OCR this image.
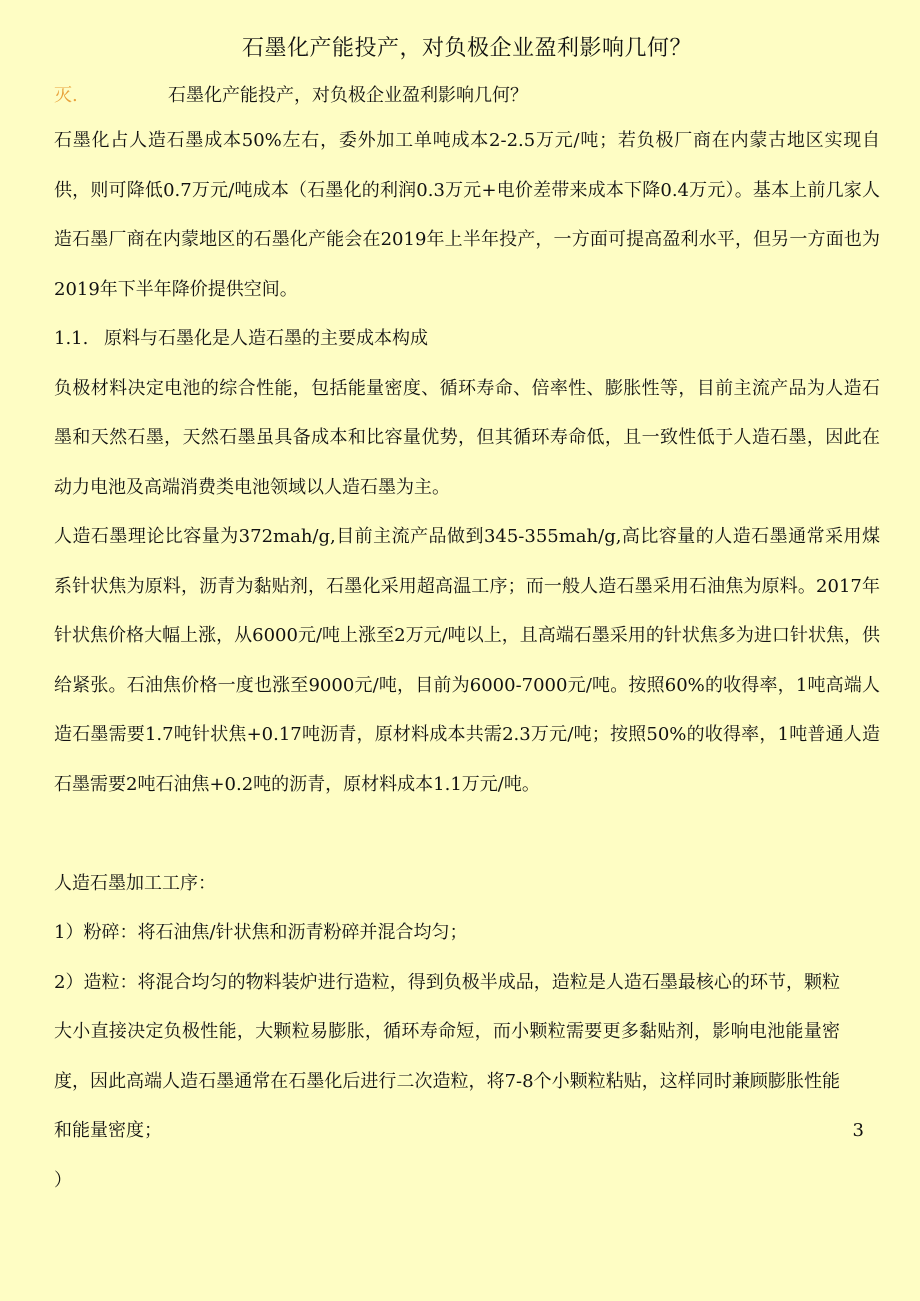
石墨化产能投产，对负极企业盈利影响几何？
灭.	石墨化产能投产，对负极企业盈利影响几何？

石墨化占人造石墨成本50%左右，委外加工单吨成本2-2.5万元/吨；若负极厂商在内蒙古地区实现自供，则可降低0.7万元/吨成本（石墨化的利润0.3万元+电价差带来成本下降0.4万元）。基本上前几家人造石墨厂商在内蒙地区的石墨化产能会在2019年上半年投产，一方面可提高盈利水平，但另一方面也为2019年下半年降价提供空间。

1.1. 原料与石墨化是人造石墨的主要成本构成

负极材料决定电池的综合性能，包括能量密度、循环寿命、倍率性、膨胀性等，目前主流产品为人造石墨和天然石墨，天然石墨虽具备成本和比容量优势，但其循环寿命低，且一致性低于人造石墨，因此在动力电池及高端消费类电池领域以人造石墨为主。

人造石墨理论比容量为372mah/g,目前主流产品做到345-355mah/g,高比容量的人造石墨通常采用煤系针状焦为原料，沥青为黏贴剂，石墨化采用超高温工序；而一般人造石墨采用石油焦为原料。2017年针状焦价格大幅上涨，从6000元/吨上涨至2万元/吨以上，且高端石墨采用的针状焦多为进口针状焦，供给紧张。石油焦价格一度也涨至9000元/吨，目前为6000-7000元/吨。按照60%的收得率，1吨高端人造石墨需要1.7吨针状焦+0.17吨沥青，原材料成本共需2.3万元/吨；按照50%的收得率，1吨普通人造石墨需要2吨石油焦+0.2吨的沥青，原材料成本1.1万元/吨。

人造石墨加工工序：

1）粉碎：将石油焦/针状焦和沥青粉碎并混合均匀；

2）造粒：将混合均匀的物料装炉进行造粒，得到负极半成品，造粒是人造石墨最核心的环节，颗粒大小直接决定负极性能，大颗粒易膨胀，循环寿命短，而小颗粒需要更多黏贴剂，影响电池能量密度，因此高端人造石墨通常在石墨化后进行二次造粒，将7-8个小颗粒粘贴，这样同时兼顾膨胀性能和能量密度；	3

）
